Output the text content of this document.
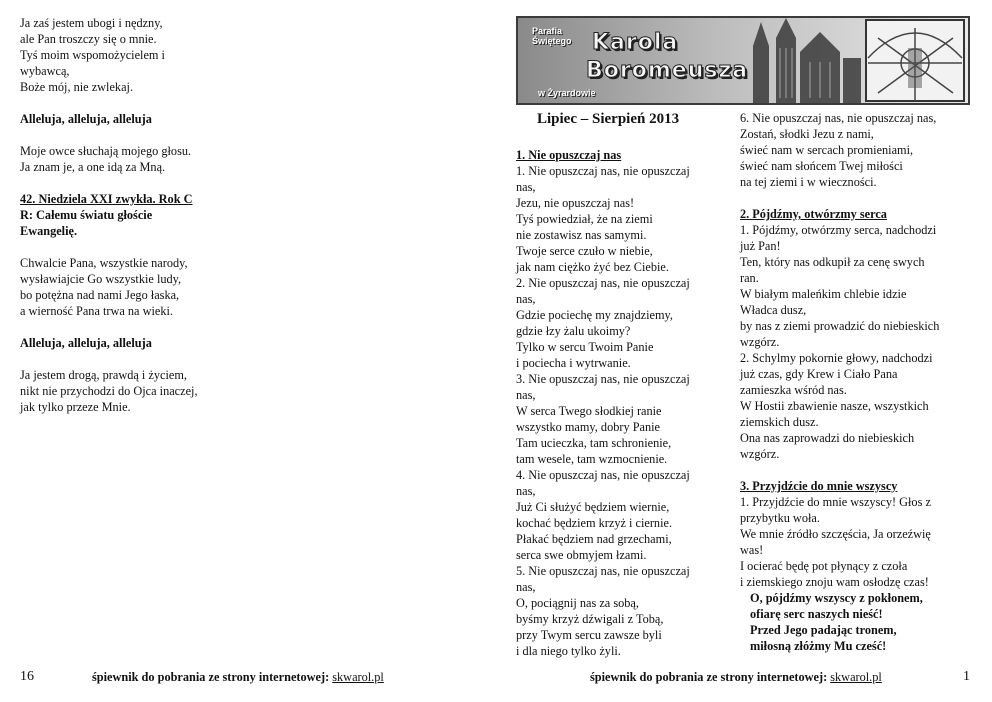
Ja zaś jestem ubogi i nędzny,
ale Pan troszczy się o mnie.
Tyś moim wspomożycielem i
wybawcą,
Boże mój, nie zwlekaj.
Alleluja, alleluja, alleluja
Moje owce słuchają mojego głosu.
Ja znam je, a one idą za Mną.
42. Niedziela XXI zwykła. Rok C
R: Całemu światu głoście
Ewangelię.
Chwalcie Pana, wszystkie narody,
wysławiajcie Go wszystkie ludy,
bo potężna nad nami Jego łaska,
a wierność Pana trwa na wieki.
Alleluja, alleluja, alleluja
Ja jestem drogą, prawdą i życiem,
nikt nie przychodzi do Ojca inaczej,
jak tylko przeze Mnie.
Parafia
Świętego Karola
Boromeusza
w Żyrardowie
Lipiec – Sierpień 2013
1. Nie opuszczaj nas
1. Nie opuszczaj nas, nie opuszczaj
nas,
Jezu, nie opuszczaj nas!
Tyś powiedział, że na ziemi
nie zostawisz nas samymi.
Twoje serce czuło w niebie,
jak nam ciężko żyć bez Ciebie.
2. Nie opuszczaj nas, nie opuszczaj
nas,
Gdzie pociechę my znajdziemy,
gdzie łzy żalu ukoimy?
Tylko w sercu Twoim Panie
i pociecha i wytrwanie.
3. Nie opuszczaj nas, nie opuszczaj
nas,
W serca Twego słodkiej ranie
wszystko mamy, dobry Panie
Tam ucieczka, tam schronienie,
tam wesele, tam wzmocnienie.
4. Nie opuszczaj nas, nie opuszczaj
nas,
Już Ci służyć będziem wiernie,
kochać będziem krzyż i ciernie.
Płakać będziem nad grzechami,
serca swe obmyjem łzami.
5. Nie opuszczaj nas, nie opuszczaj
nas,
O, pociągnij nas za sobą,
byśmy krzyż dźwigali z Tobą,
przy Twym sercu zawsze byli
i dla niego tylko żyli.
6. Nie opuszczaj nas, nie opuszczaj nas,
Zostań, słodki Jezu z nami,
świeć nam w sercach promieniami,
świeć nam słońcem Twej miłości
na tej ziemi i w wieczności.
2. Pójdźmy, otwórzmy serca
1. Pójdźmy, otwórzmy serca, nadchodzi
już Pan!
Ten, który nas odkupił za cenę swych
ran.
W białym maleńkim chlebie idzie
Władca dusz,
by nas z ziemi prowadzić do niebieskich
wzgórz.
2. Schylmy pokornie głowy, nadchodzi
już czas, gdy Krew i Ciało Pana
zamieszka wśród nas.
W Hostii zbawienie nasze, wszystkich
ziemskich dusz.
Ona nas zaprowadzi do niebieskich
wzgórz.
3. Przyjdźcie do mnie wszyscy
1. Przyjdźcie do mnie wszyscy! Głos z
przybytku woła.
We mnie źródło szczęścia, Ja orzeźwię
was!
I ocierać będę pot płynący z czoła
i ziemskiego znoju wam osłodzę czas!
O, pójdźmy wszyscy z pokłonem,
ofiarę serc naszych nieść!
Przed Jego padając tronem,
miłosną złóżmy Mu cześć!
16	śpiewnik do pobrania ze strony internetowej: skwarol.pl	śpiewnik do pobrania ze strony internetowej: skwarol.pl	1
